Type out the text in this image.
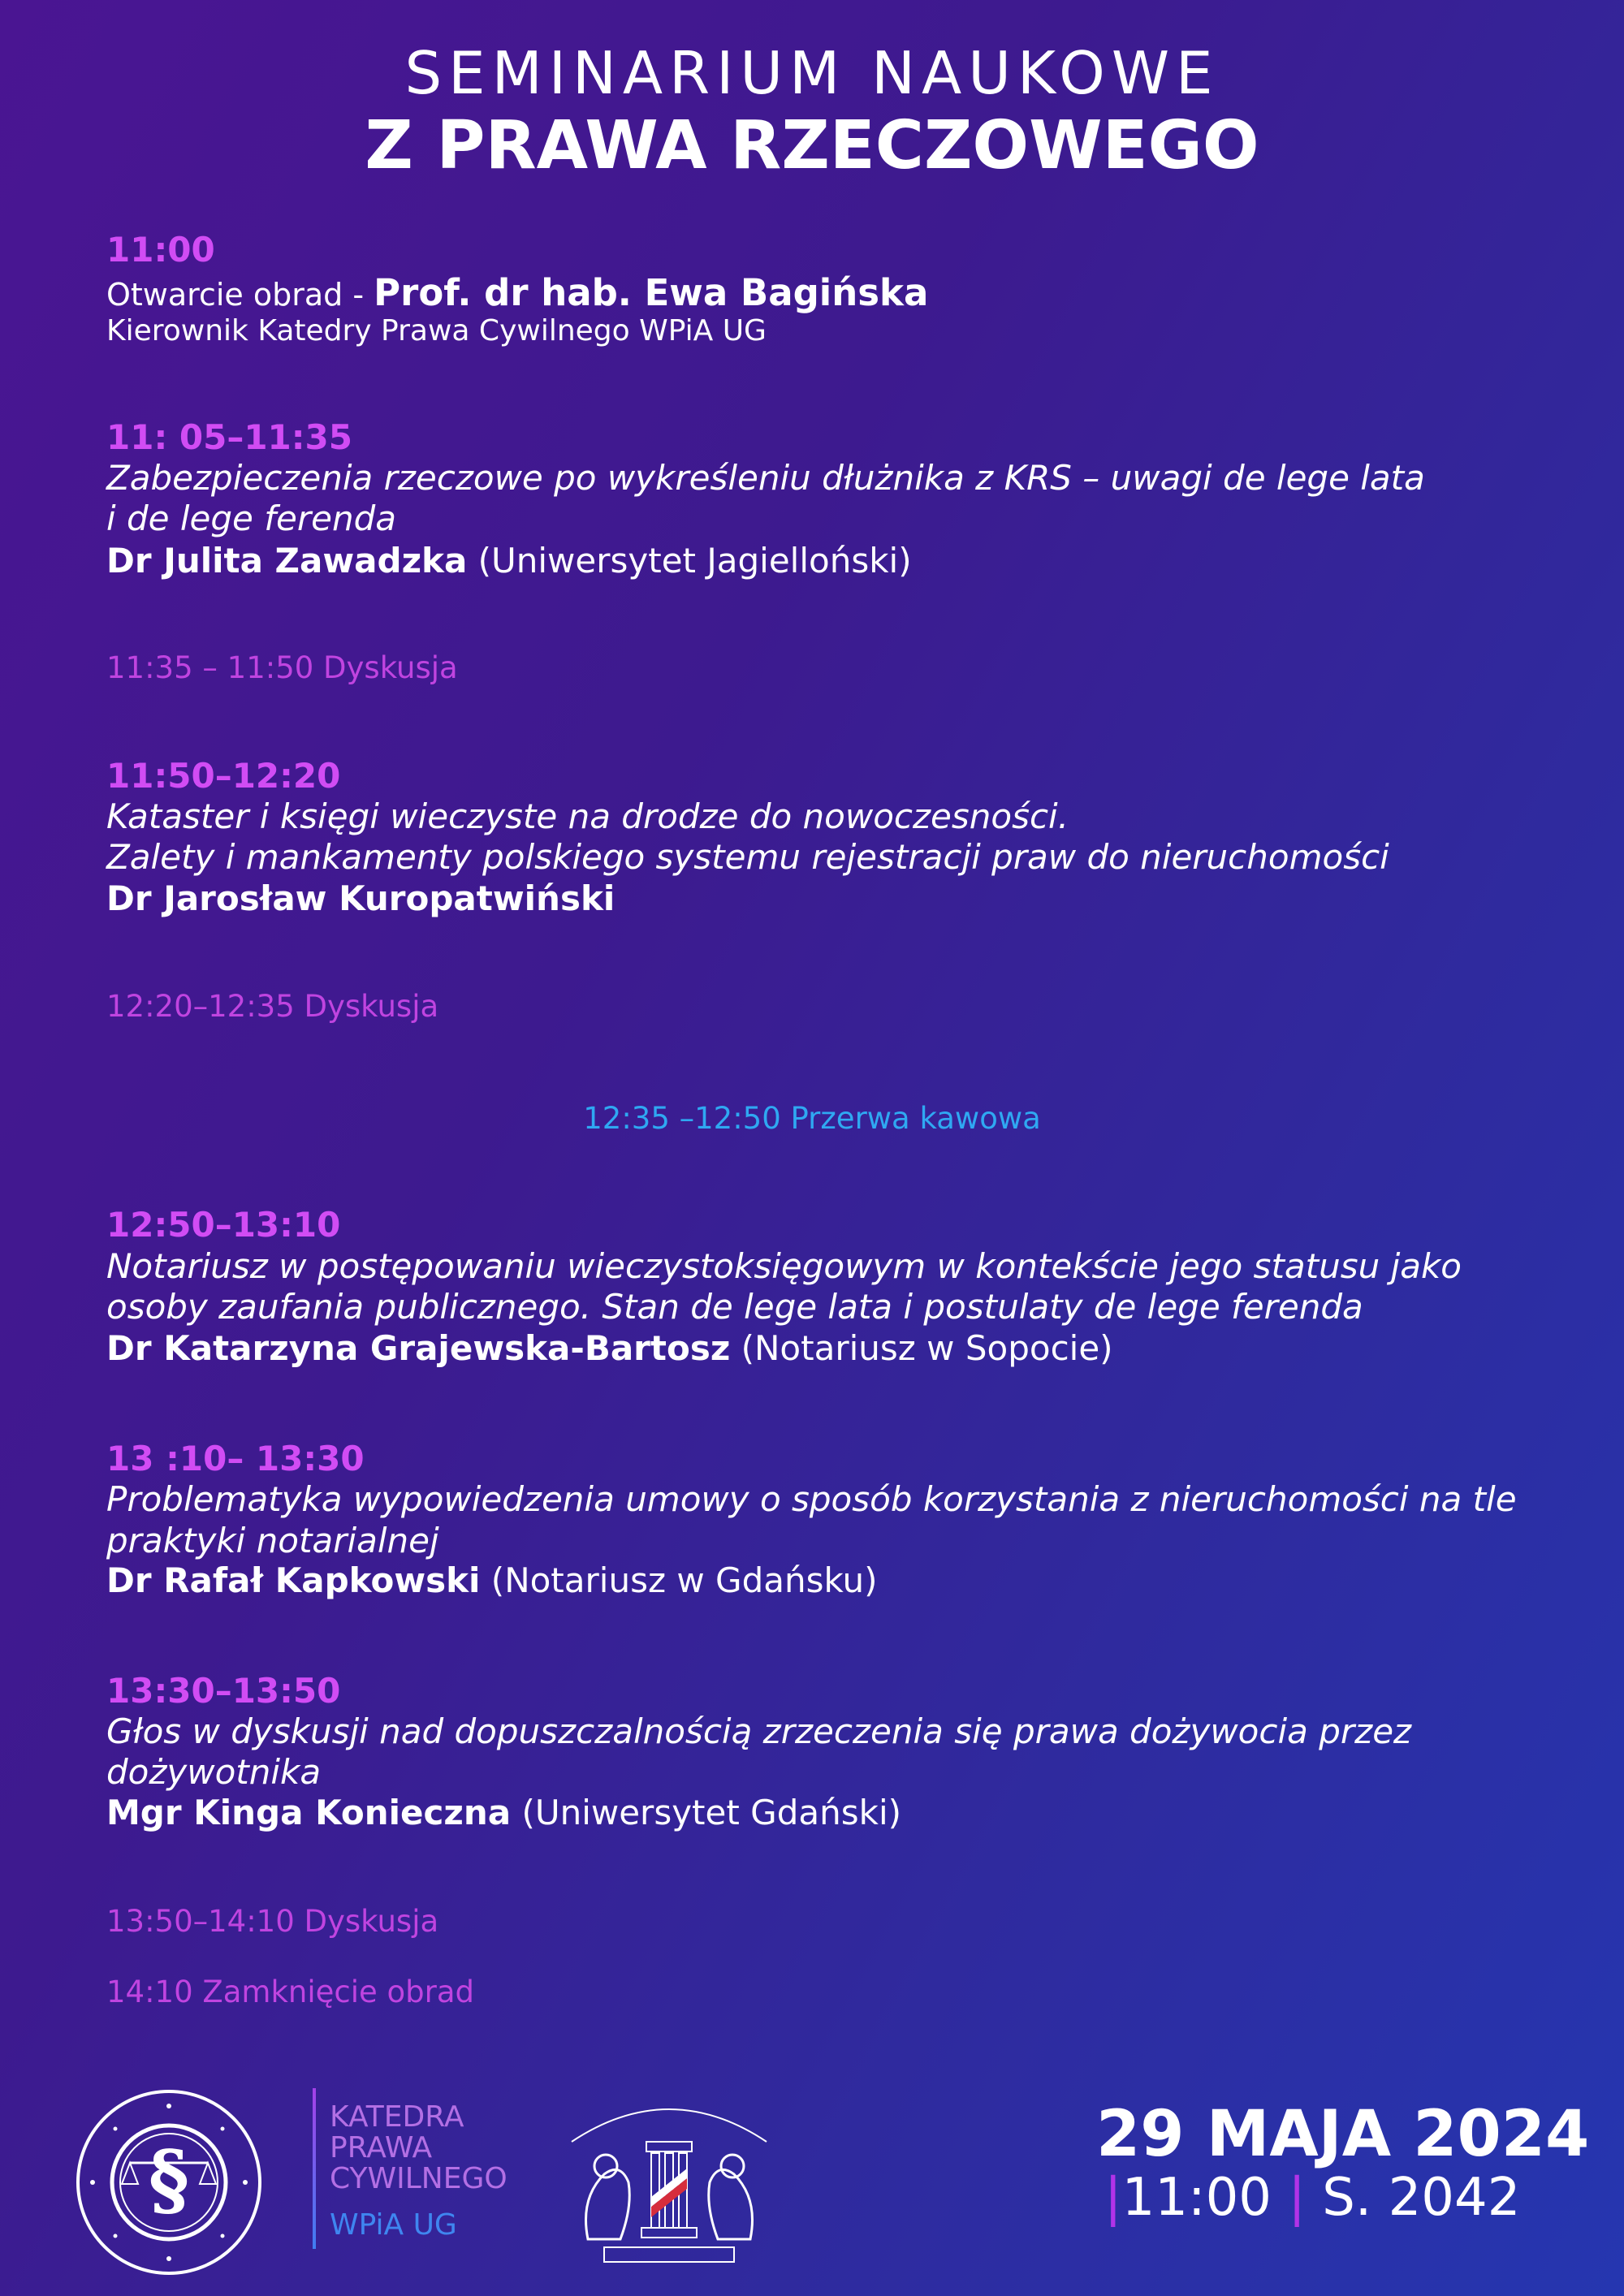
SEMINARIUM NAUKOWE
Z PRAWA RZECZOWEGO
11:00
Otwarcie obrad - Prof. dr hab. Ewa Bagińska
Kierownik Katedry Prawa Cywilnego WPiA UG
11: 05–11:35
Zabezpieczenia rzeczowe po wykreśleniu dłużnika z KRS – uwagi de lege lata
i de lege ferenda
Dr Julita Zawadzka (Uniwersytet Jagielloński)
11:35 – 11:50 Dyskusja
11:50–12:20
Kataster i księgi wieczyste na drodze do nowoczesności.
Zalety i mankamenty polskiego systemu rejestracji praw do nieruchomości
Dr Jarosław Kuropatwiński
12:20–12:35 Dyskusja
12:35 –12:50 Przerwa kawowa
12:50–13:10
Notariusz w postępowaniu wieczystoksięgowym w kontekście jego statusu jako
osoby zaufania publicznego. Stan de lege lata i postulaty de lege ferenda
Dr Katarzyna Grajewska-Bartosz (Notariusz w Sopocie)
13 :10– 13:30
Problematyka wypowiedzenia umowy o sposób korzystania z nieruchomości na tle
praktyki notarialnej
Dr Rafał Kapkowski (Notariusz w Gdańsku)
13:30–13:50
Głos w dyskusji nad dopuszczalnością zrzeczenia się prawa dożywocia przez
dożywotnika
Mgr Kinga Konieczna (Uniwersytet Gdański)
13:50–14:10 Dyskusja
14:10 Zamknięcie obrad
§
KATEDRA
PRAWA
CYWILNEGO
WPiA UG
29 MAJA 2024
|11:00 | S. 2042
